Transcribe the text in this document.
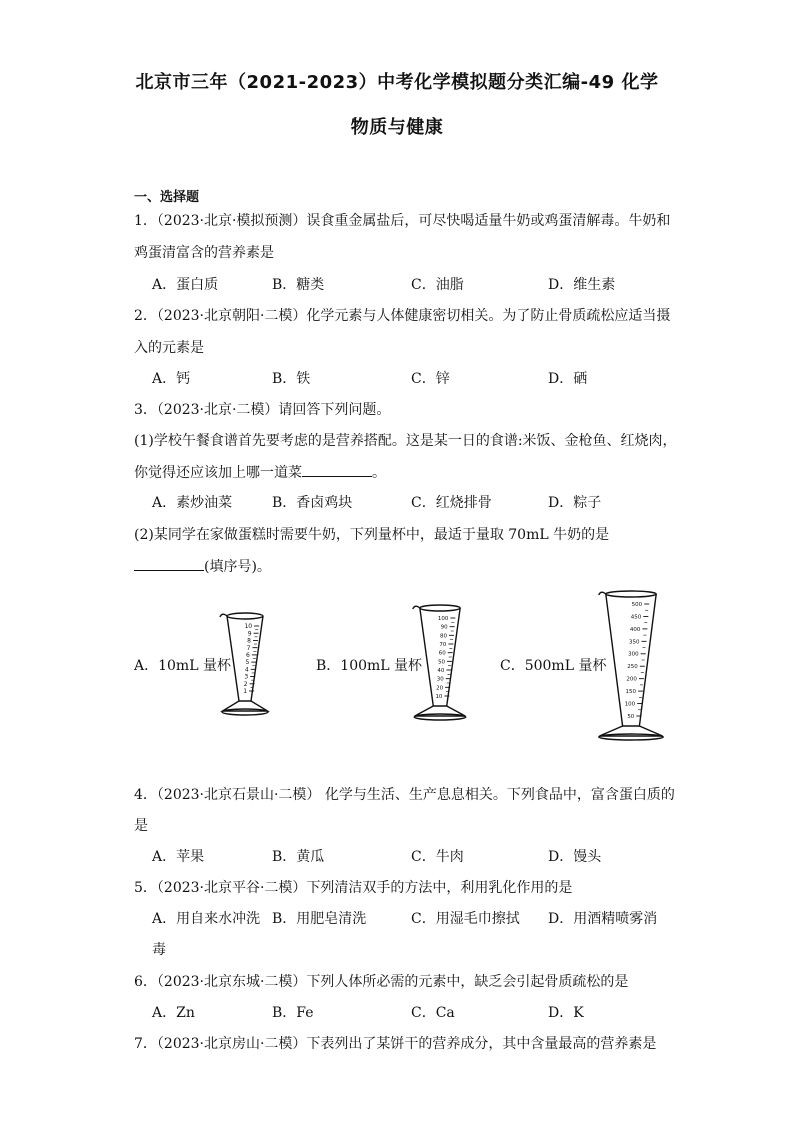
北京市三年（2021-2023）中考化学模拟题分类汇编-49 化学
物质与健康
一、选择题
1．（2023·北京·模拟预测）误食重金属盐后，可尽快喝适量牛奶或鸡蛋清解毒。牛奶和
鸡蛋清富含的营养素是
A．蛋白质	B．糖类	C．油脂	D．维生素
2．（2023·北京朝阳·二模）化学元素与人体健康密切相关。为了防止骨质疏松应适当摄
入的元素是
A．钙	B．铁	C．锌	D．硒
3．（2023·北京·二模）请回答下列问题。
(1)学校午餐食谱首先要考虑的是营养搭配。这是某一日的食谱:米饭、金枪鱼、红烧肉，
你觉得还应该加上哪一道菜	。
A．素炒油菜	B．香卤鸡块	C．红烧排骨	D．粽子
(2)某同学在家做蛋糕时需要牛奶，下列量杯中，最适于量取 70mL 牛奶的是
(填序号)。
A．10mL 量杯	B．100mL 量杯	C．500mL 量杯
10
9
8
7
6
5
4
3
2
1
100
90
80
70
60
50
40
30
20
10
500
450
400
350
300
250
200
150
100
50
4．（2023·北京石景山·二模） 化学与生活、生产息息相关。下列食品中，富含蛋白质的
是
A．苹果	B．黄瓜	C．牛肉	D．馒头
5．（2023·北京平谷·二模）下列清洁双手的方法中，利用乳化作用的是
A．用自来水冲洗 B．用肥皂清洗	C．用湿毛巾擦拭 D．用酒精喷雾消
毒
6．（2023·北京东城·二模）下列人体所必需的元素中，缺乏会引起骨质疏松的是
A．Zn	B．Fe	C．Ca	D．K
7．（2023·北京房山·二模）下表列出了某饼干的营养成分，其中含量最高的营养素是
